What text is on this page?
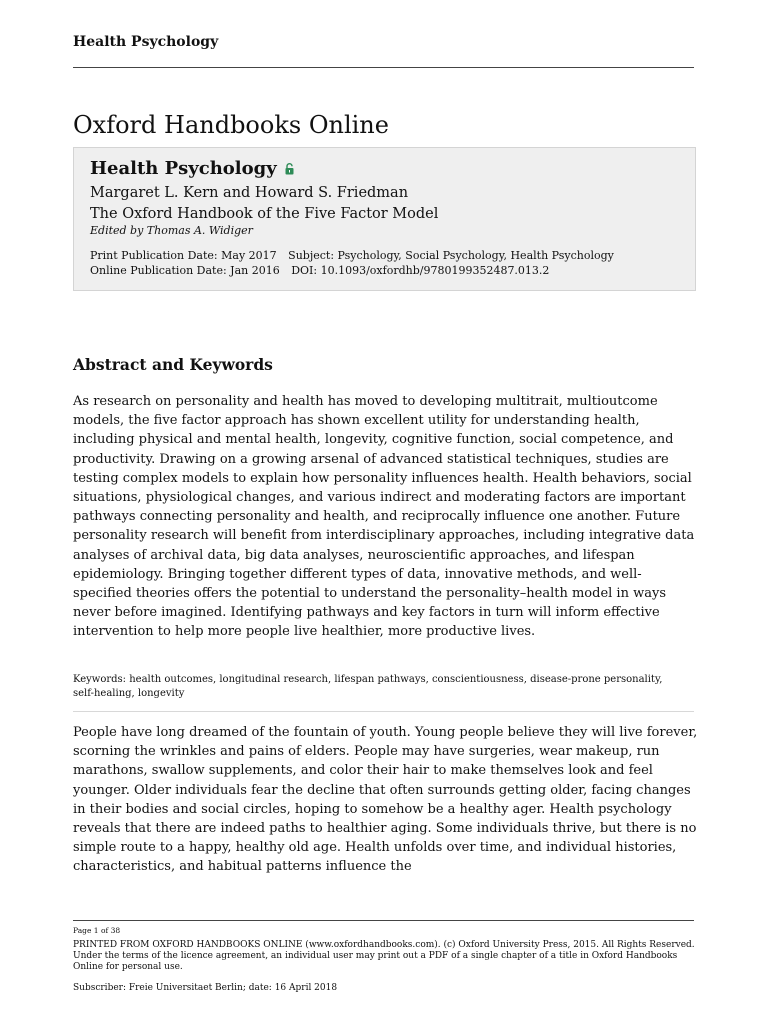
Health Psychology
Oxford Handbooks Online
Health Psychology
Margaret L. Kern and Howard S. Friedman
The Oxford Handbook of the Five Factor Model
Edited by Thomas A. Widiger
Print Publication Date: May 2017 Subject: Psychology, Social Psychology, Health Psychology
Online Publication Date: Jan 2016 DOI: 10.1093/oxfordhb/9780199352487.013.2
Abstract and Keywords
As research on personality and health has moved to developing multitrait, multioutcome models, the five factor approach has shown excellent utility for understanding health, including physical and mental health, longevity, cognitive function, social competence, and productivity. Drawing on a growing arsenal of advanced statistical techniques, studies are testing complex models to explain how personality influences health. Health behaviors, social situations, physiological changes, and various indirect and moderating factors are important pathways connecting personality and health, and reciprocally influence one another. Future personality research will benefit from interdisciplinary approaches, including integrative data analyses of archival data, big data analyses, neuroscientific approaches, and lifespan epidemiology. Bringing together different types of data, innovative methods, and well-specified theories offers the potential to understand the personality–health model in ways never before imagined. Identifying pathways and key factors in turn will inform effective intervention to help more people live healthier, more productive lives.
Keywords: health outcomes, longitudinal research, lifespan pathways, conscientiousness, disease-prone personality, self-healing, longevity
People have long dreamed of the fountain of youth. Young people believe they will live forever, scorning the wrinkles and pains of elders. People may have surgeries, wear makeup, run marathons, swallow supplements, and color their hair to make themselves look and feel younger. Older individuals fear the decline that often surrounds getting older, facing changes in their bodies and social circles, hoping to somehow be a healthy ager. Health psychology reveals that there are indeed paths to healthier aging. Some individuals thrive, but there is no simple route to a happy, healthy old age. Health unfolds over time, and individual histories, characteristics, and habitual patterns influence the
Page 1 of 38
PRINTED FROM OXFORD HANDBOOKS ONLINE (www.oxfordhandbooks.com). (c) Oxford University Press, 2015. All Rights Reserved. Under the terms of the licence agreement, an individual user may print out a PDF of a single chapter of a title in Oxford Handbooks Online for personal use.
Subscriber: Freie Universitaet Berlin; date: 16 April 2018
